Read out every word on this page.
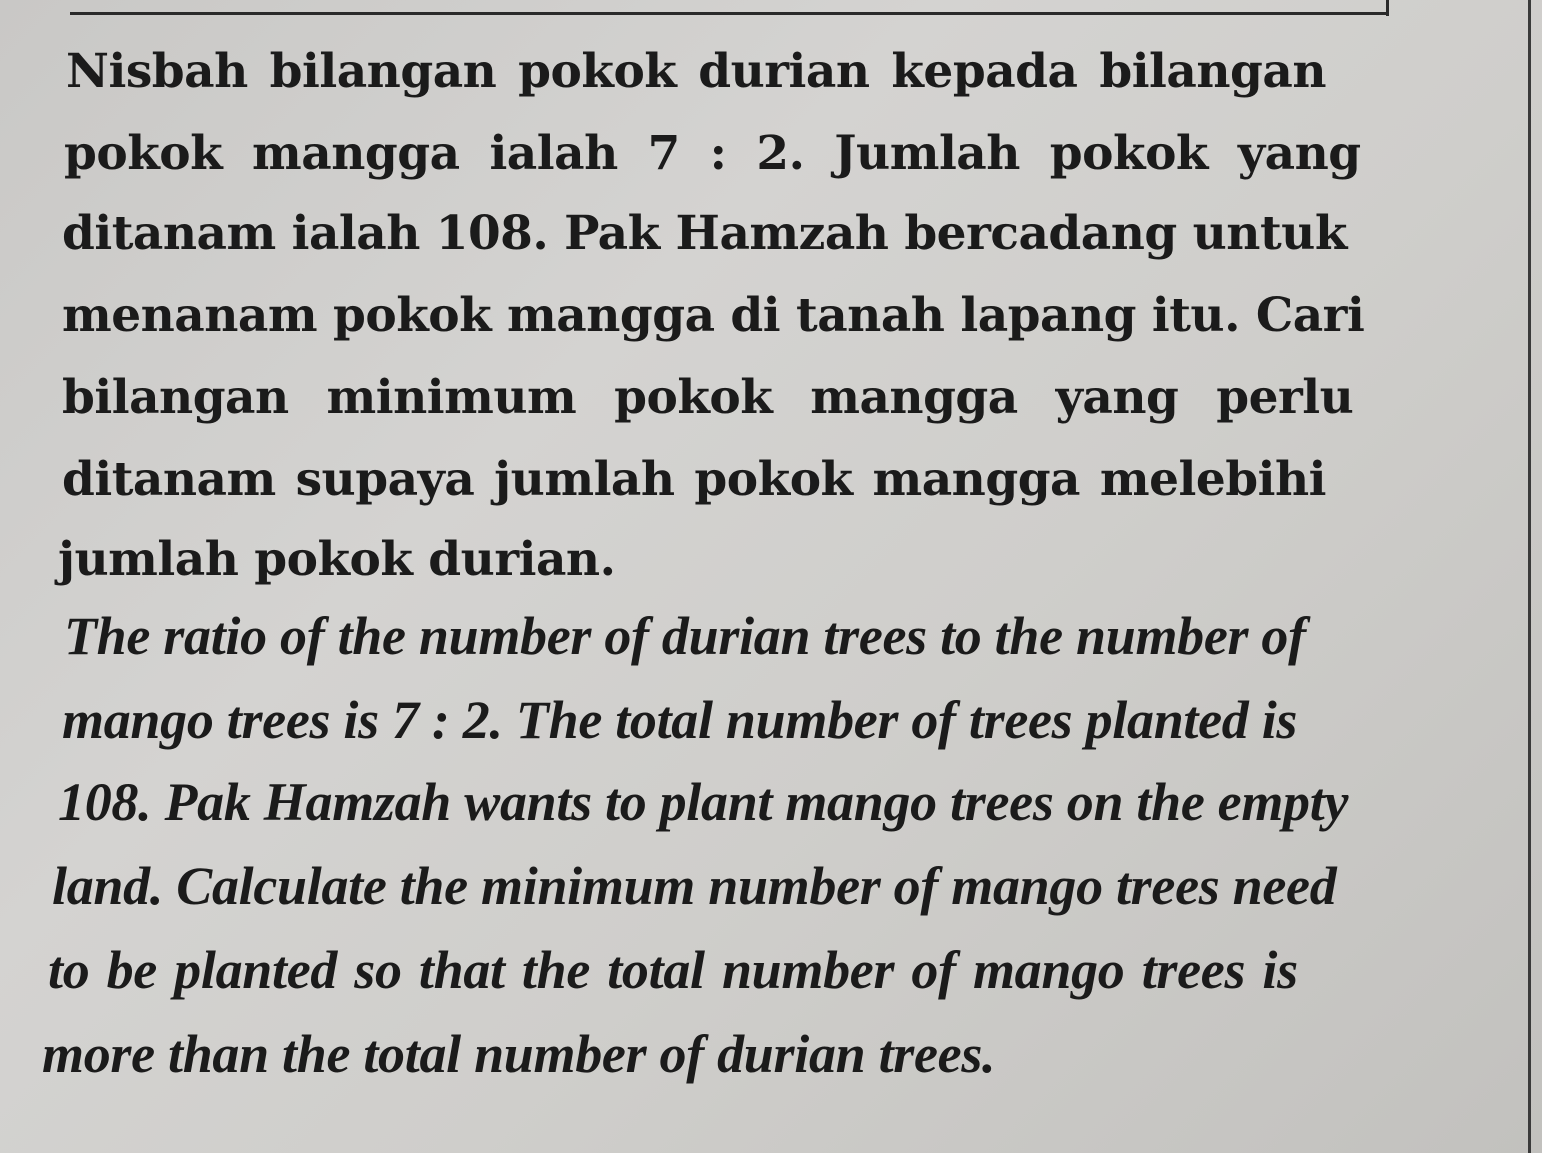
Nisbah bilangan pokok durian kepada bilangan
pokok mangga ialah 7 : 2. Jumlah pokok yang
ditanam ialah 108. Pak Hamzah bercadang untuk
menanam pokok mangga di tanah lapang itu. Cari
bilangan minimum pokok mangga yang perlu
ditanam supaya jumlah pokok mangga melebihi
jumlah pokok durian.
The ratio of the number of durian trees to the number of
mango trees is 7 : 2. The total number of trees planted is
108. Pak Hamzah wants to plant mango trees on the empty
land. Calculate the minimum number of mango trees need
to be planted so that the total number of mango trees is
more than the total number of durian trees.
